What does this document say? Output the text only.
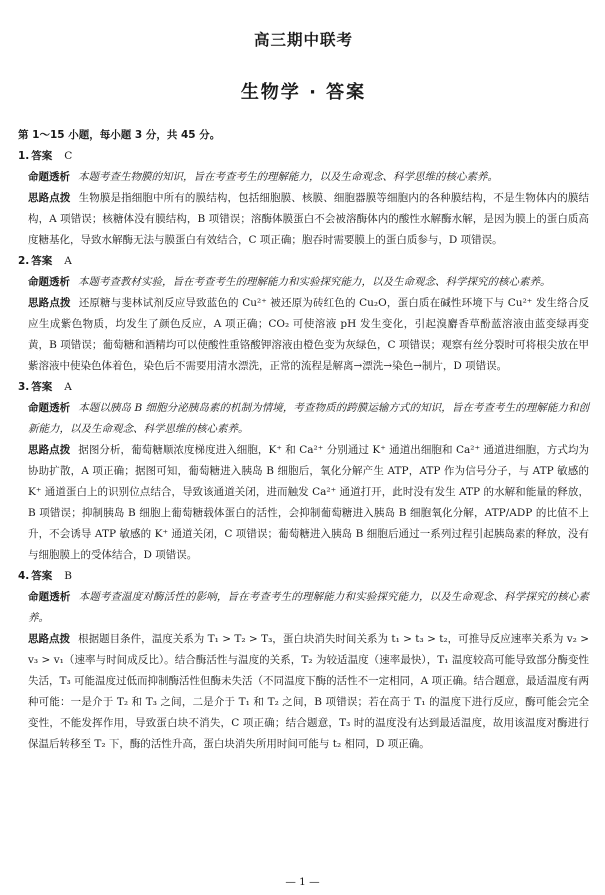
高三期中联考
生物学 · 答案
第 1～15 小题，每小题 3 分，共 45 分。
1. 答案 C
命题透析 本题考查生物膜的知识，旨在考查考生的理解能力，以及生命观念、科学思维的核心素养。
思路点拨 生物膜是指细胞中所有的膜结构，包括细胞膜、核膜、细胞器膜等细胞内的各种膜结构，不是生物体内的膜结构，A 项错误；核糖体没有膜结构，B 项错误；溶酶体膜蛋白不会被溶酶体内的酸性水解酶水解，是因为膜上的蛋白质高度糖基化，导致水解酶无法与膜蛋白有效结合，C 项正确；胞吞时需要膜上的蛋白质参与，D 项错误。
2. 答案 A
命题透析 本题考查教材实验，旨在考查考生的理解能力和实验探究能力，以及生命观念、科学探究的核心素养。
思路点拨 还原糖与斐林试剂反应导致蓝色的 Cu²⁺ 被还原为砖红色的 Cu₂O，蛋白质在碱性环境下与 Cu²⁺ 发生络合反应生成紫色物质，均发生了颜色反应，A 项正确；CO₂ 可使溶液 pH 发生变化，引起溴麝香草酚蓝溶液由蓝变绿再变黄，B 项错误；葡萄糖和酒精均可以使酸性重铬酸钾溶液由橙色变为灰绿色，C 项错误；观察有丝分裂时可将根尖放在甲紫溶液中使染色体着色，染色后不需要用清水漂洗，正常的流程是解离→漂洗→染色→制片，D 项错误。
3. 答案 A
命题透析 本题以胰岛 B 细胞分泌胰岛素的机制为情境，考查物质的跨膜运输方式的知识，旨在考查考生的理解能力和创新能力，以及生命观念、科学思维的核心素养。
思路点拨 据图分析，葡萄糖顺浓度梯度进入细胞，K⁺ 和 Ca²⁺ 分别通过 K⁺ 通道出细胞和 Ca²⁺ 通道进细胞，方式均为协助扩散，A 项正确；据图可知，葡萄糖进入胰岛 B 细胞后，氧化分解产生 ATP，ATP 作为信号分子，与 ATP 敏感的 K⁺ 通道蛋白上的识别位点结合，导致该通道关闭，进而触发 Ca²⁺ 通道打开，此时没有发生 ATP 的水解和能量的释放，B 项错误；抑制胰岛 B 细胞上葡萄糖载体蛋白的活性，会抑制葡萄糖进入胰岛 B 细胞氧化分解，ATP/ADP 的比值不上升，不会诱导 ATP 敏感的 K⁺ 通道关闭，C 项错误；葡萄糖进入胰岛 B 细胞后通过一系列过程引起胰岛素的释放，没有与细胞膜上的受体结合，D 项错误。
4. 答案 B
命题透析 本题考查温度对酶活性的影响，旨在考查考生的理解能力和实验探究能力，以及生命观念、科学探究的核心素养。
思路点拨 根据题目条件，温度关系为 T₁ > T₂ > T₃，蛋白块消失时间关系为 t₁ > t₃ > t₂，可推导反应速率关系为 v₂ > v₃ > v₁（速率与时间成反比）。结合酶活性与温度的关系，T₂ 为较适温度（速率最快），T₁ 温度较高可能导致部分酶变性失活，T₃ 可能温度过低而抑制酶活性但酶未失活（不同温度下酶的活性不一定相同，A 项正确。结合题意，最适温度有两种可能：一是介于 T₂ 和 T₃ 之间，二是介于 T₁ 和 T₂ 之间，B 项错误；若在高于 T₁ 的温度下进行反应，酶可能会完全变性，不能发挥作用，导致蛋白块不消失，C 项正确；结合题意，T₃ 时的温度没有达到最适温度，故用该温度对酶进行保温后转移至 T₂ 下，酶的活性升高，蛋白块消失所用时间可能与 t₂ 相同，D 项正确。
— 1 —
